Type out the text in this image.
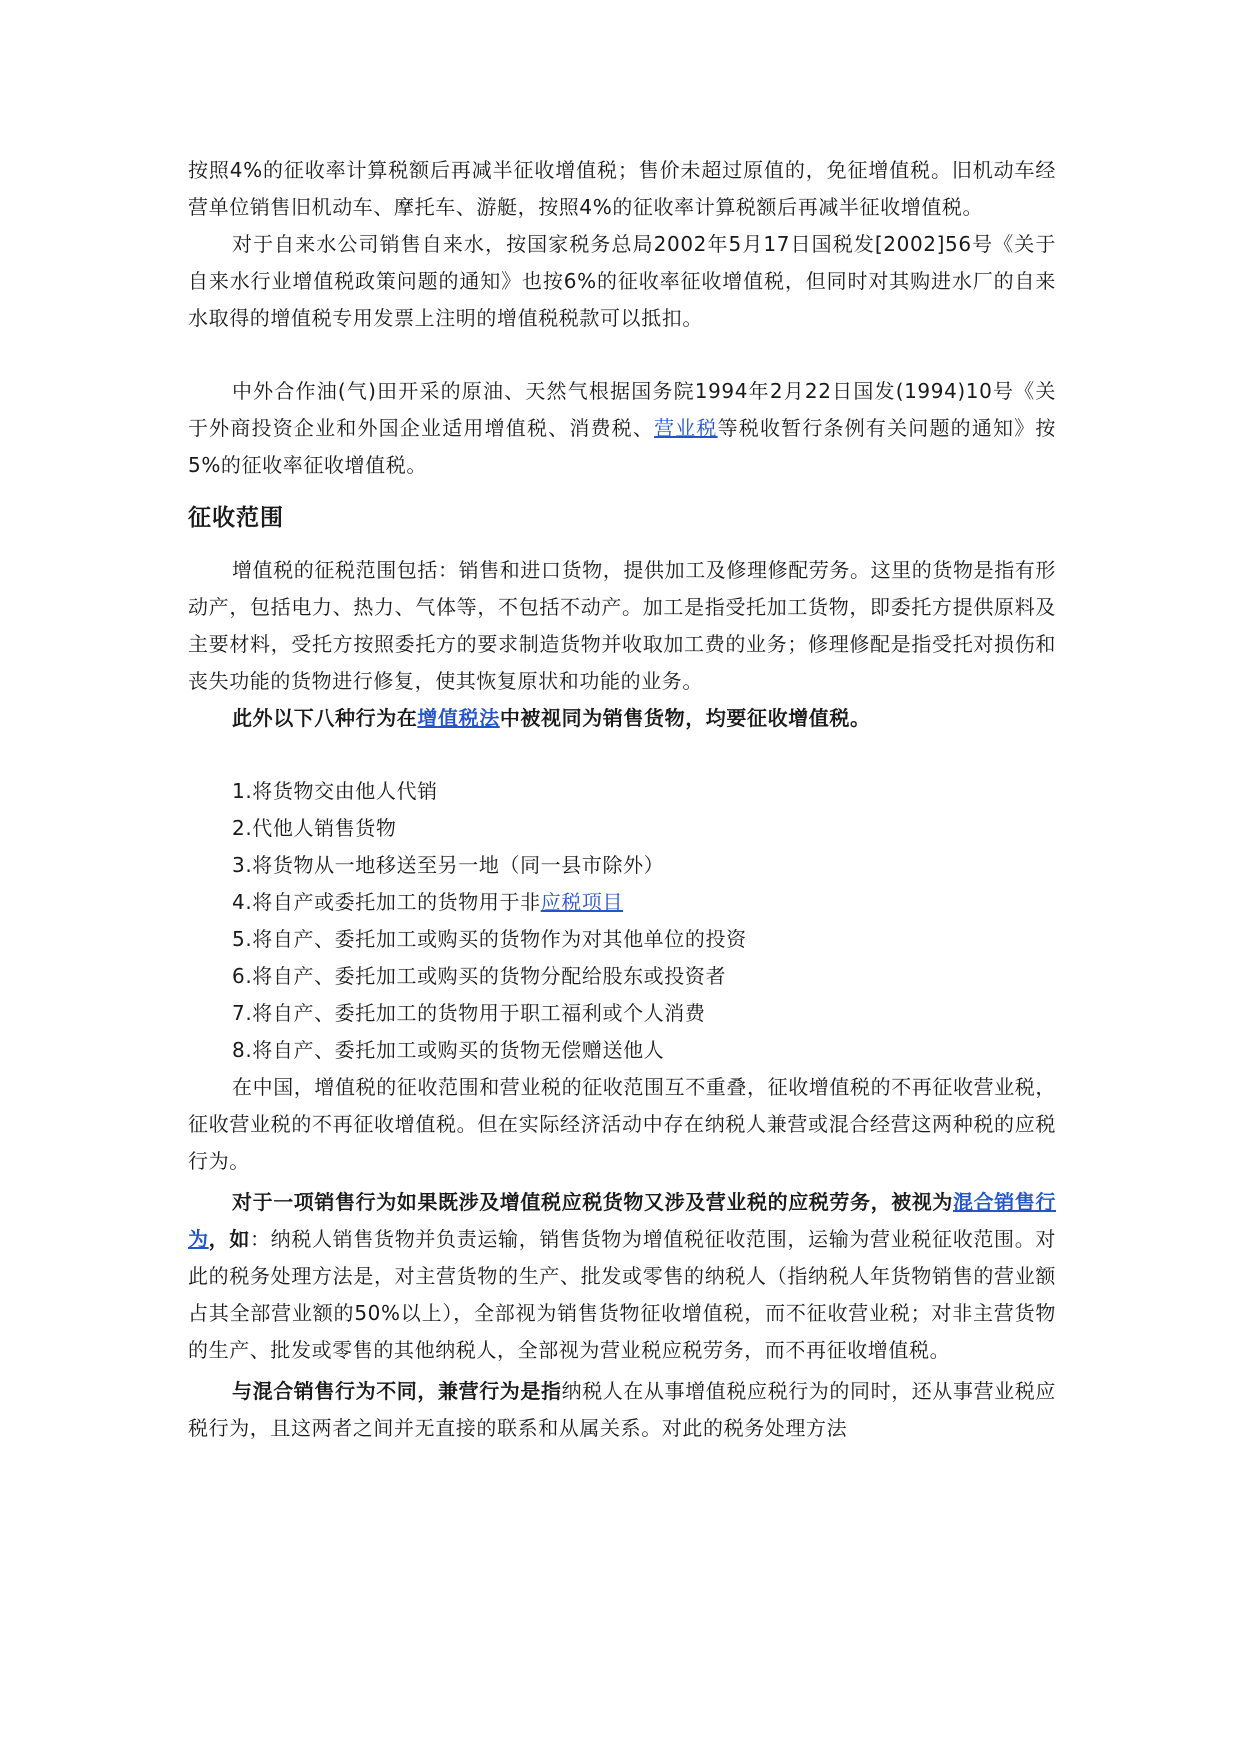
按照4%的征收率计算税额后再减半征收增值税；售价未超过原值的，免征增值税。旧机动车经营单位销售旧机动车、摩托车、游艇，按照4%的征收率计算税额后再减半征收增值税。

对于自来水公司销售自来水，按国家税务总局2002年5月17日国税发[2002]56号《关于自来水行业增值税政策问题的通知》也按6%的征收率征收增值税，但同时对其购进水厂的自来水取得的增值税专用发票上注明的增值税税款可以抵扣。

中外合作油(气)田开采的原油、天然气根据国务院1994年2月22日国发(1994)10号《关于外商投资企业和外国企业适用增值税、消费税、营业税等税收暂行条例有关问题的通知》按5%的征收率征收增值税。

征收范围

增值税的征税范围包括：销售和进口货物，提供加工及修理修配劳务。这里的货物是指有形动产，包括电力、热力、气体等，不包括不动产。加工是指受托加工货物，即委托方提供原料及主要材料，受托方按照委托方的要求制造货物并收取加工费的业务；修理修配是指受托对损伤和丧失功能的货物进行修复，使其恢复原状和功能的业务。

此外以下八种行为在增值税法中被视同为销售货物，均要征收增值税。

1.将货物交由他人代销

2.代他人销售货物

3.将货物从一地移送至另一地（同一县市除外）

4.将自产或委托加工的货物用于非应税项目

5.将自产、委托加工或购买的货物作为对其他单位的投资

6.将自产、委托加工或购买的货物分配给股东或投资者

7.将自产、委托加工的货物用于职工福利或个人消费

8.将自产、委托加工或购买的货物无偿赠送他人

在中国，增值税的征收范围和营业税的征收范围互不重叠，征收增值税的不再征收营业税，征收营业税的不再征收增值税。但在实际经济活动中存在纳税人兼营或混合经营这两种税的应税行为。

对于一项销售行为如果既涉及增值税应税货物又涉及营业税的应税劳务，被视为混合销售行为，如：纳税人销售货物并负责运输，销售货物为增值税征收范围，运输为营业税征收范围。对此的税务处理方法是，对主营货物的生产、批发或零售的纳税人（指纳税人年货物销售的营业额占其全部营业额的50%以上），全部视为销售货物征收增值税，而不征收营业税；对非主营货物的生产、批发或零售的其他纳税人，全部视为营业税应税劳务，而不再征收增值税。

与混合销售行为不同，兼营行为是指纳税人在从事增值税应税行为的同时，还从事营业税应税行为，且这两者之间并无直接的联系和从属关系。对此的税务处理方法
